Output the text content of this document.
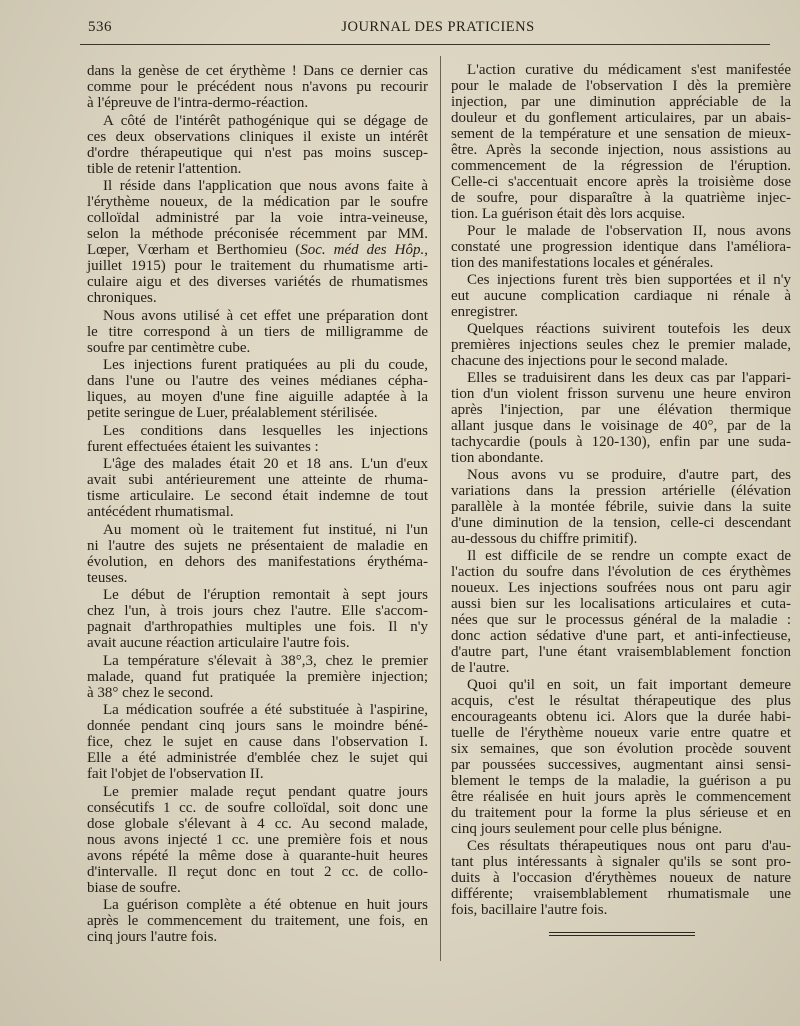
536	JOURNAL DES PRATICIENS
dans la genèse de cet érythème ! Dans ce dernier cas
comme pour le précédent nous n'avons pu recourir
à l'épreuve de l'intra-dermo-réaction.
A côté de l'intérêt pathogénique qui se dégage de
ces deux observations cliniques il existe un intérêt
d'ordre thérapeutique qui n'est pas moins suscep-
tible de retenir l'attention.
Il réside dans l'application que nous avons faite à
l'érythème noueux, de la médication par le soufre
colloïdal administré par la voie intra-veineuse,
selon la méthode préconisée récemment par MM.
Lœper, Vœrham et Berthomieu (Soc. méd des Hôp.,
juillet 1915) pour le traitement du rhumatisme arti-
culaire aigu et des diverses variétés de rhumatismes
chroniques.
Nous avons utilisé à cet effet une préparation dont
le titre correspond à un tiers de milligramme de
soufre par centimètre cube.
Les injections furent pratiquées au pli du coude,
dans l'une ou l'autre des veines médianes cépha-
liques, au moyen d'une fine aiguille adaptée à la
petite seringue de Luer, préalablement stérilisée.
Les conditions dans lesquelles les injections
furent effectuées étaient les suivantes :
L'âge des malades était 20 et 18 ans. L'un d'eux
avait subi antérieurement une atteinte de rhuma-
tisme articulaire. Le second était indemne de tout
antécédent rhumatismal.
Au moment où le traitement fut institué, ni l'un
ni l'autre des sujets ne présentaient de maladie en
évolution, en dehors des manifestations érythéma-
teuses.
Le début de l'éruption remontait à sept jours
chez l'un, à trois jours chez l'autre. Elle s'accom-
pagnait d'arthropathies multiples une fois. Il n'y
avait aucune réaction articulaire l'autre fois.
La température s'élevait à 38°,3, chez le premier
malade, quand fut pratiquée la première injection;
à 38° chez le second.
La médication soufrée a été substituée à l'aspirine,
donnée pendant cinq jours sans le moindre béné-
fice, chez le sujet en cause dans l'observation I.
Elle a été administrée d'emblée chez le sujet qui
fait l'objet de l'observation II.
Le premier malade reçut pendant quatre jours
consécutifs 1 cc. de soufre colloïdal, soit donc une
dose globale s'élevant à 4 cc. Au second malade,
nous avons injecté 1 cc. une première fois et nous
avons répété la même dose à quarante-huit heures
d'intervalle. Il reçut donc en tout 2 cc. de collo-
biase de soufre.
La guérison complète a été obtenue en huit jours
après le commencement du traitement, une fois, en
cinq jours l'autre fois.
L'action curative du médicament s'est manifestée
pour le malade de l'observation I dès la première
injection, par une diminution appréciable de la
douleur et du gonflement articulaires, par un abais-
sement de la température et une sensation de mieux-
être. Après la seconde injection, nous assistions au
commencement de la régression de l'éruption.
Celle-ci s'accentuait encore après la troisième dose
de soufre, pour disparaître à la quatrième injec-
tion. La guérison était dès lors acquise.
Pour le malade de l'observation II, nous avons
constaté une progression identique dans l'améliora-
tion des manifestations locales et générales.
Ces injections furent très bien supportées et il n'y
eut aucune complication cardiaque ni rénale à
enregistrer.
Quelques réactions suivirent toutefois les deux
premières injections seules chez le premier malade,
chacune des injections pour le second malade.
Elles se traduisirent dans les deux cas par l'appari-
tion d'un violent frisson survenu une heure environ
après l'injection, par une élévation thermique
allant jusque dans le voisinage de 40°, par de la
tachycardie (pouls à 120-130), enfin par une suda-
tion abondante.
Nous avons vu se produire, d'autre part, des
variations dans la pression artérielle (élévation
parallèle à la montée fébrile, suivie dans la suite
d'une diminution de la tension, celle-ci descendant
au-dessous du chiffre primitif).
Il est difficile de se rendre un compte exact de
l'action du soufre dans l'évolution de ces érythèmes
noueux. Les injections soufrées nous ont paru agir
aussi bien sur les localisations articulaires et cuta-
nées que sur le processus général de la maladie :
donc action sédative d'une part, et anti-infectieuse,
d'autre part, l'une étant vraisemblablement fonction
de l'autre.
Quoi qu'il en soit, un fait important demeure
acquis, c'est le résultat thérapeutique des plus
encourageants obtenu ici. Alors que la durée habi-
tuelle de l'érythème noueux varie entre quatre et
six semaines, que son évolution procède souvent
par poussées successives, augmentant ainsi sensi-
blement le temps de la maladie, la guérison a pu
être réalisée en huit jours après le commencement
du traitement pour la forme la plus sérieuse et en
cinq jours seulement pour celle plus bénigne.
Ces résultats thérapeutiques nous ont paru d'au-
tant plus intéressants à signaler qu'ils se sont pro-
duits à l'occasion d'érythèmes noueux de nature
différente; vraisemblablement rhumatismale une
fois, bacillaire l'autre fois.
